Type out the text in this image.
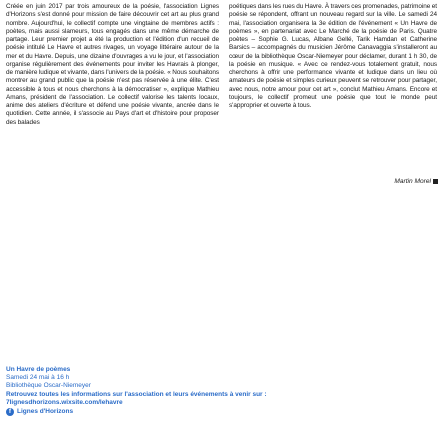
Créée en juin 2017 par trois amoureux de la poésie, l'association Lignes d'Horizons s'est donné pour mission de faire découvrir cet art au plus grand nombre. Aujourd'hui, le collectif compte une vingtaine de membres actifs : poètes, mais aussi slameurs, tous engagés dans une même démarche de partage. Leur premier projet a été la production et l'édition d'un recueil de poésie intitulé Le Havre et autres rivages, un voyage littéraire autour de la mer et du Havre. Depuis, une dizaine d'ouvrages a vu le jour, et l'association organise régulièrement des événements pour inviter les Havrais à plonger, de manière ludique et vivante, dans l'univers de la poésie. « Nous souhaitons montrer au grand public que la poésie n'est pas réservée à une élite. C'est accessible à tous et nous cherchons à la démocratiser », explique Mathieu Amans, président de l'association. Le collectif valorise les talents locaux, anime des ateliers d'écriture et défend une poésie vivante, ancrée dans le quotidien. Cette année, il s'associe au Pays d'art et d'histoire pour proposer des balades

poétiques dans les rues du Havre. À travers ces promenades, patrimoine et poésie se répondent, offrant un nouveau regard sur la ville. Le samedi 24 mai, l'association organisera la 3e édition de l'événement « Un Havre de poèmes », en partenariat avec Le Marché de la poésie de Paris. Quatre poètes – Sophie G. Lucas, Albane Gellé, Tarik Hamdan et Catherine Barsics – accompagnés du musicien Jérôme Canavaggia s'installeront au cœur de la bibliothèque Oscar-Niemeyer pour déclamer, durant 1 h 30, de la poésie en musique. « Avec ce rendez-vous totalement gratuit, nous cherchons à offrir une performance vivante et ludique dans un lieu où amateurs de poésie et simples curieux peuvent se retrouver pour partager, avec nous, notre amour pour cet art », conclut Mathieu Amans. Encore et toujours, le collectif promeut une poésie que tout le monde peut s'approprier et ouverte à tous.

Martin Morel
Un Havre de poèmes
Samedi 24 mai à 16 h
Bibliothèque Oscar-Niemeyer
Retrouvez toutes les informations sur l'association et leurs événements à venir sur :
7lignesdhorizons.wixsite.com/lehavre
f Lignes d'Horizons
